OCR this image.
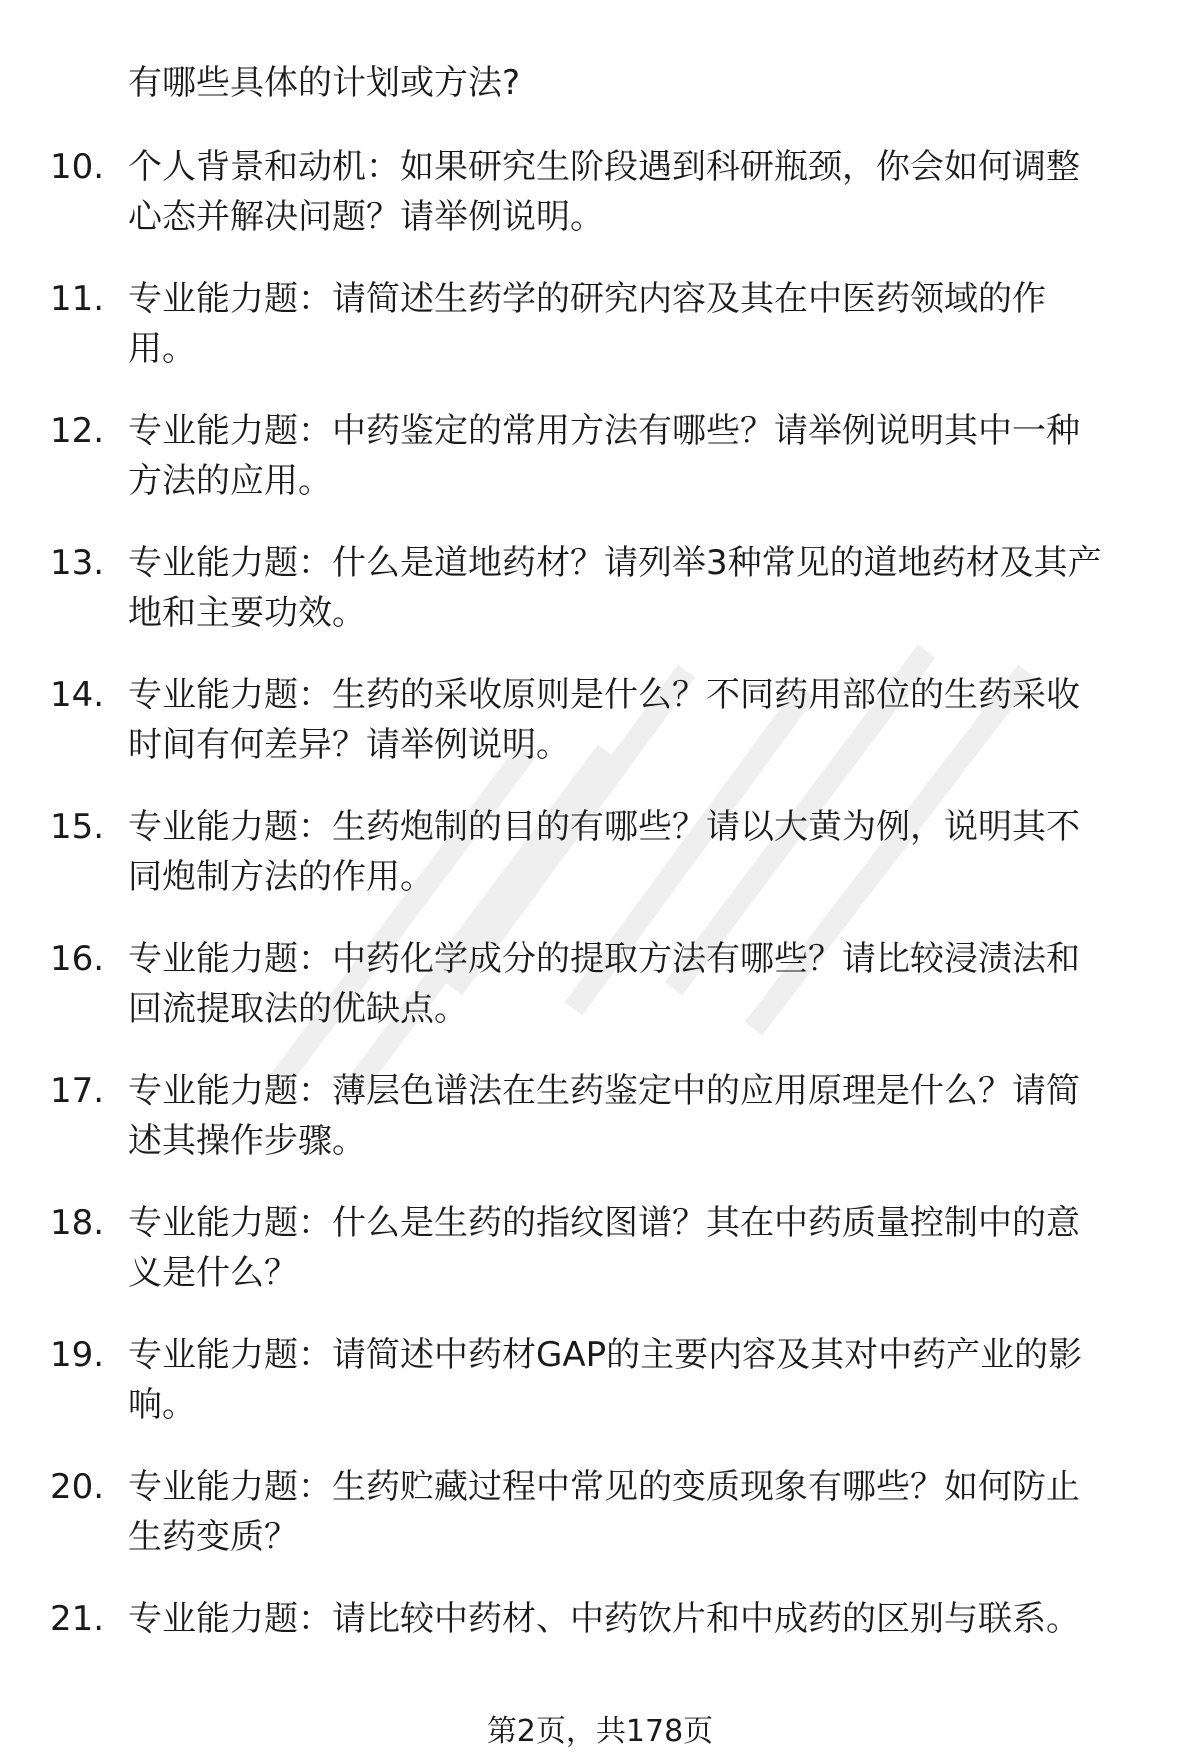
有哪些具体的计划或方法?
10. 个人背景和动机：如果研究生阶段遇到科研瓶颈，你会如何调整
心态并解决问题？请举例说明。
11. 专业能力题：请简述生药学的研究内容及其在中医药领域的作
用。
12. 专业能力题：中药鉴定的常用方法有哪些？请举例说明其中一种
方法的应用。
13. 专业能力题：什么是道地药材？请列举3种常见的道地药材及其产
地和主要功效。
14. 专业能力题：生药的采收原则是什么？不同药用部位的生药采收
时间有何差异？请举例说明。
15. 专业能力题：生药炮制的目的有哪些？请以大黄为例，说明其不
同炮制方法的作用。
16. 专业能力题：中药化学成分的提取方法有哪些？请比较浸渍法和
回流提取法的优缺点。
17. 专业能力题：薄层色谱法在生药鉴定中的应用原理是什么？请简
述其操作步骤。
18. 专业能力题：什么是生药的指纹图谱？其在中药质量控制中的意
义是什么？
19. 专业能力题：请简述中药材GAP的主要内容及其对中药产业的影
响。
20. 专业能力题：生药贮藏过程中常见的变质现象有哪些？如何防止
生药变质？
21. 专业能力题：请比较中药材、中药饮片和中成药的区别与联系。
第2页，共178页
